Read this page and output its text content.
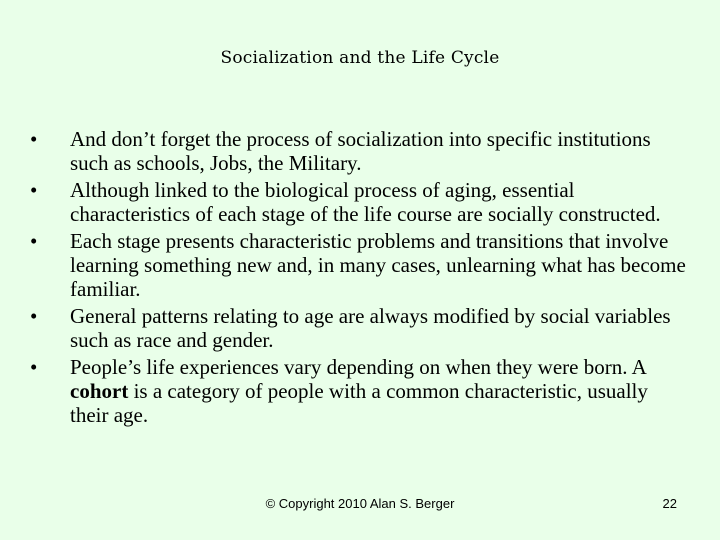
Socialization and the Life Cycle
•	And don’t forget the process of socialization into specific institutions such as schools, Jobs, the Military.
•	Although linked to the biological process of aging, essential characteristics of each stage of the life course are socially constructed.
•	Each stage presents characteristic problems and transitions that involve learning something new and, in many cases, unlearning what has become familiar.
•	General patterns relating to age are always modified by social variables such as race and gender.
•	People’s life experiences vary depending on when they were born. A cohort is a category of people with a common characteristic, usually their age.
© Copyright 2010 Alan S. Berger	22
